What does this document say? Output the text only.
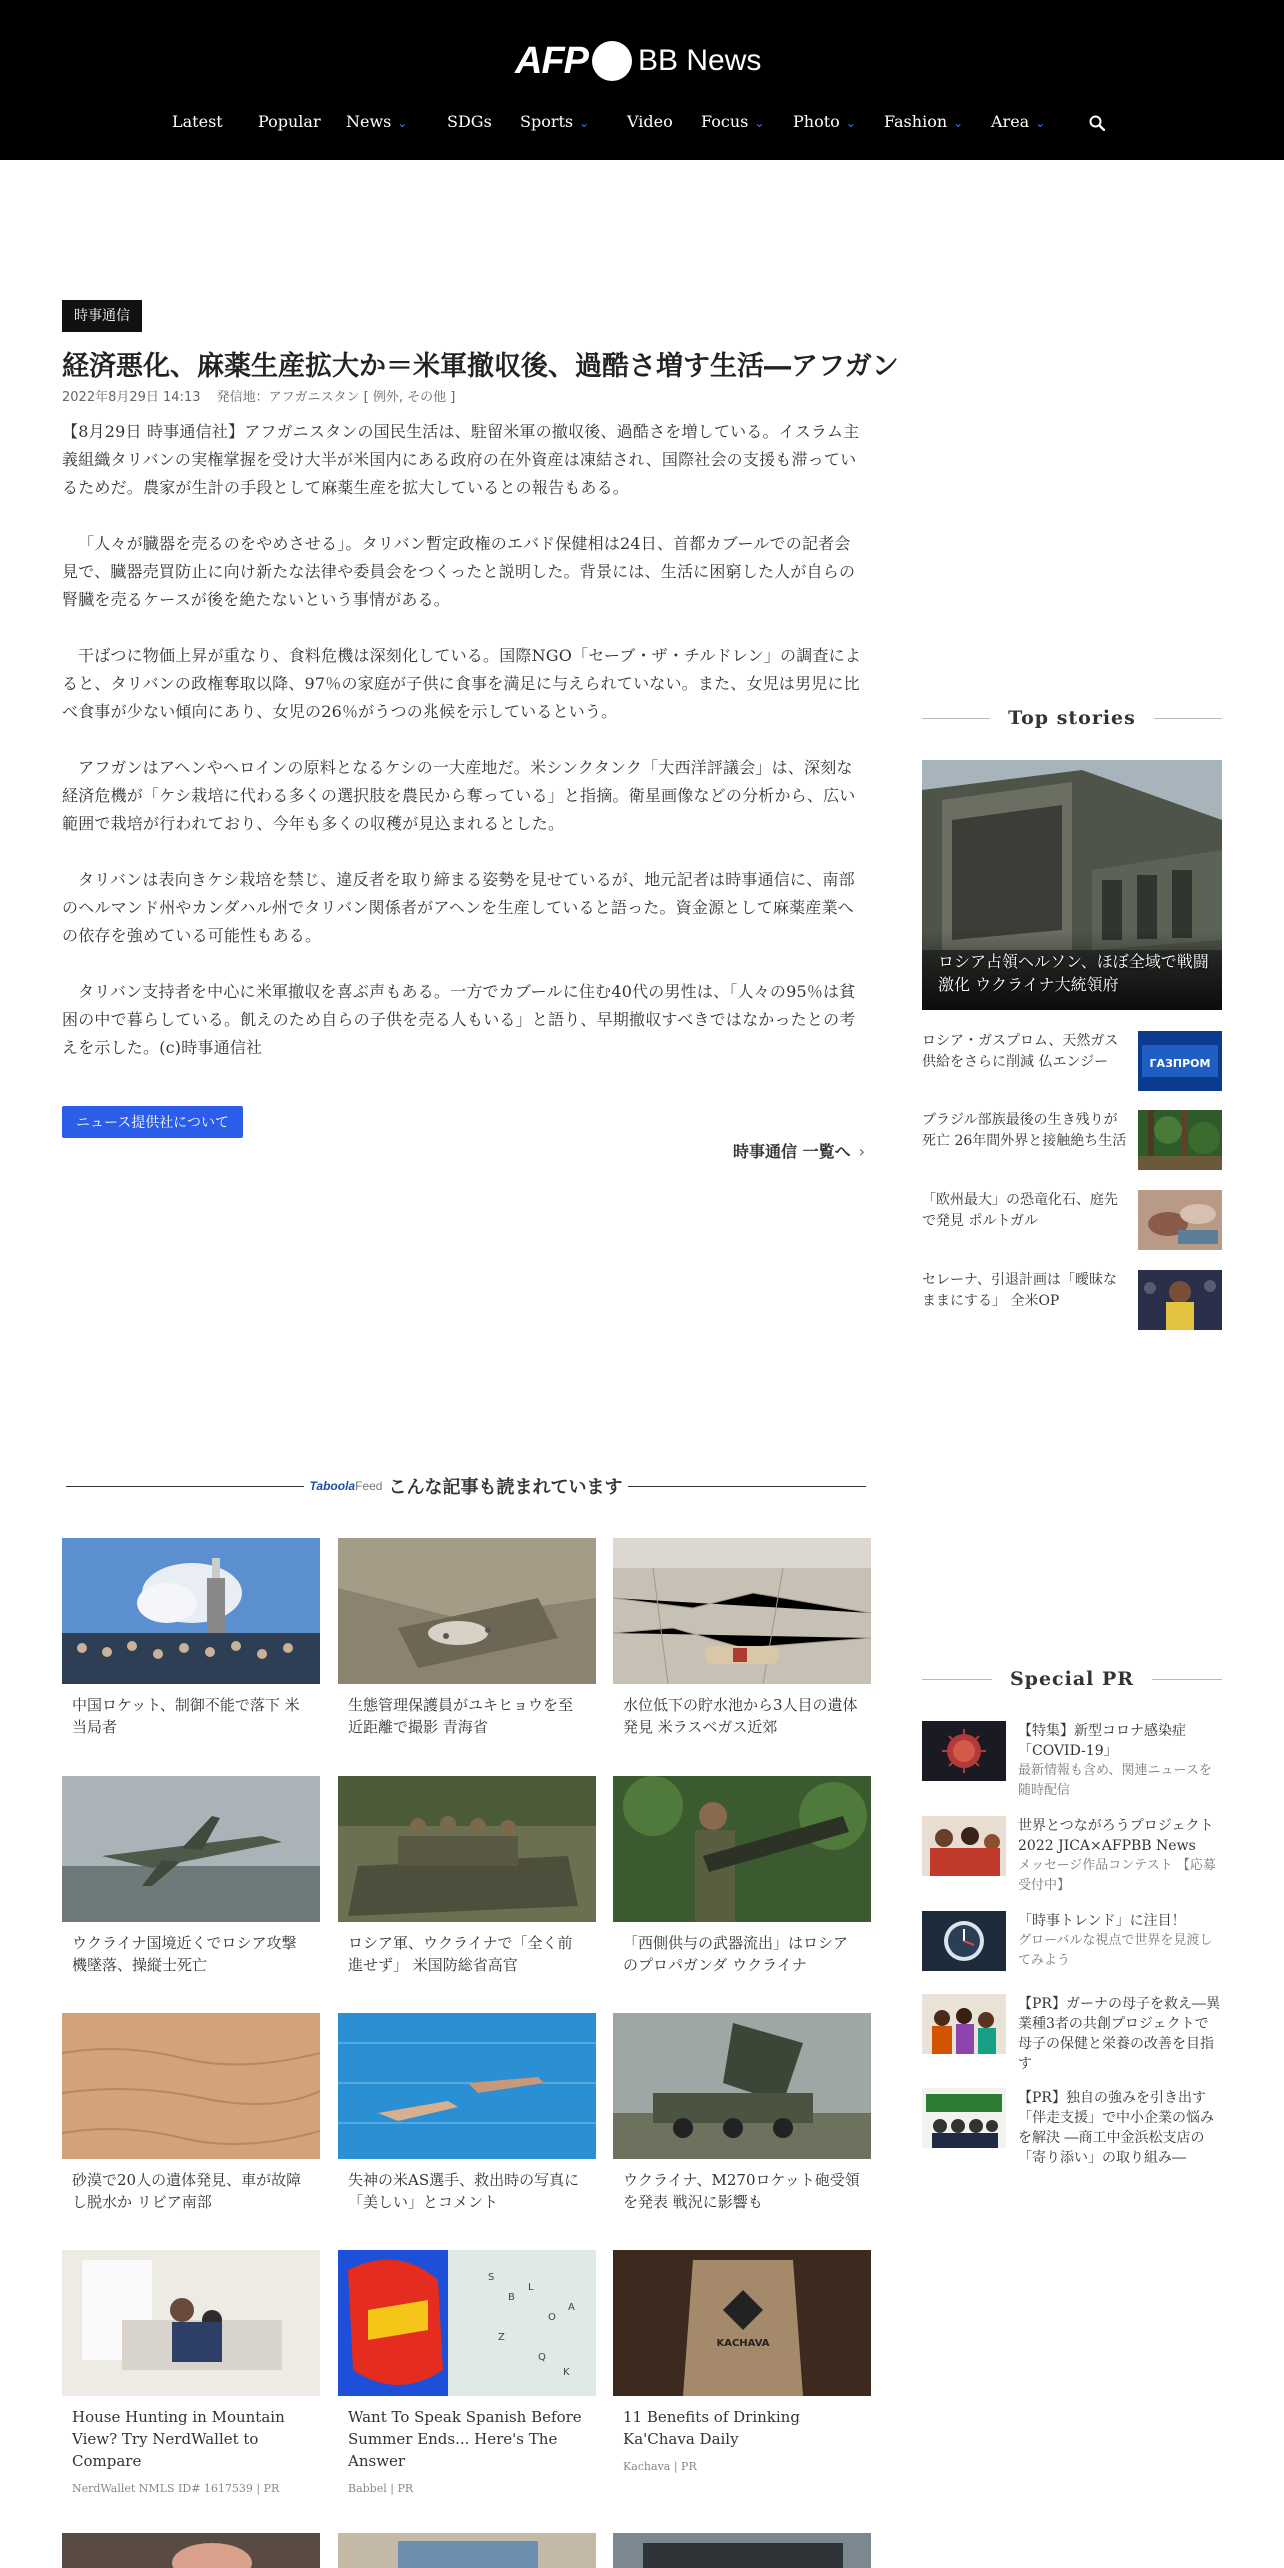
AFP BB News
Latest Popular News ⌄ SDGs Sports ⌄ Video Focus ⌄ Photo ⌄ Fashion ⌄ Area ⌄
時事通信
経済悪化、麻薬生産拡大か＝米軍撤収後、過酷さ増す生活―アフガン
2022年8月29日 14:13 発信地：アフガニスタン [ 例外, その他 ]

【8月29日 時事通信社】アフガニスタンの国民生活は、駐留米軍の撤収後、過酷さを増している。イスラム主義組織タリバンの実権掌握を受け大半が米国内にある政府の在外資産は凍結され、国際社会の支援も滞っているためだ。農家が生計の手段として麻薬生産を拡大しているとの報告もある。

「人々が臓器を売るのをやめさせる」。タリバン暫定政権のエバド保健相は24日、首都カブールでの記者会見で、臓器売買防止に向け新たな法律や委員会をつくったと説明した。背景には、生活に困窮した人が自らの腎臓を売るケースが後を絶たないという事情がある。

干ばつに物価上昇が重なり、食料危機は深刻化している。国際NGO「セーブ・ザ・チルドレン」の調査によると、タリバンの政権奪取以降、97％の家庭が子供に食事を満足に与えられていない。また、女児は男児に比べ食事が少ない傾向にあり、女児の26％がうつの兆候を示しているという。

アフガンはアヘンやヘロインの原料となるケシの一大産地だ。米シンクタンク「大西洋評議会」は、深刻な経済危機が「ケシ栽培に代わる多くの選択肢を農民から奪っている」と指摘。衛星画像などの分析から、広い範囲で栽培が行われており、今年も多くの収穫が見込まれるとした。

タリバンは表向きケシ栽培を禁じ、違反者を取り締まる姿勢を見せているが、地元記者は時事通信に、南部のヘルマンド州やカンダハル州でタリバン関係者がアヘンを生産していると語った。資金源として麻薬産業への依存を強めている可能性もある。

タリバン支持者を中心に米軍撤収を喜ぶ声もある。一方でカブールに住む40代の男性は、「人々の95％は貧困の中で暮らしている。飢えのため自らの子供を売る人もいる」と語り、早期撤収すべきではなかったとの考えを示した。(c)時事通信社

ニュース提供社について
時事通信 一覧へ ›
Top stories
ロシア占領ヘルソン、ほぼ全域で戦闘激化 ウクライナ大統領府
ロシア・ガスプロム、天然ガス供給をさらに削減 仏エンジー	ГАЗПРОМ
ブラジル部族最後の生き残りが死亡 26年間外界と接触絶ち生活
「欧州最大」の恐竜化石、庭先で発見 ポルトガル
セレーナ、引退計画は「曖昧なままにする」 全米OP
Special PR
【特集】新型コロナ感染症「COVID-19」
最新情報も含め、関連ニュースを随時配信
世界とつながろうプロジェクト2022 JICA×AFPBB News
メッセージ作品コンテスト 【応募受付中】
「時事トレンド」に注目！
グローバルな視点で世界を見渡してみよう
【PR】ガーナの母子を救え―異業種3者の共創プロジェクトで母子の保健と栄養の改善を目指す
【PR】独自の強みを引き出す「伴走支援」で中小企業の悩みを解決 ―商工中金浜松支店の「寄り添い」の取り組み―
Taboola Feed こんな記事も読まれています
中国ロケット、制御不能で落下 米当局者
生態管理保護員がユキヒョウを至近距離で撮影 青海省
水位低下の貯水池から3人目の遺体発見 米ラスベガス近郊
ウクライナ国境近くでロシア攻撃機墜落、操縦士死亡
ロシア軍、ウクライナで「全く前進せず」 米国防総省高官
「西側供与の武器流出」はロシアのプロパガンダ ウクライナ
砂漠で20人の遺体発見、車が故障し脱水か リビア南部
失神の米AS選手、救出時の写真に「美しい」とコメント
ウクライナ、M270ロケット砲受領を発表 戦況に影響も
House Hunting in Mountain View? Try NerdWallet to Compare
NerdWallet NMLS ID# 1617539 | PR
S
B
L
O
A
Z
Q
K
Want To Speak Spanish Before Summer Ends... Here's The Answer
Babbel | PR
KACHAVA
11 Benefits of Drinking Ka'Chava Daily
Kachava | PR
